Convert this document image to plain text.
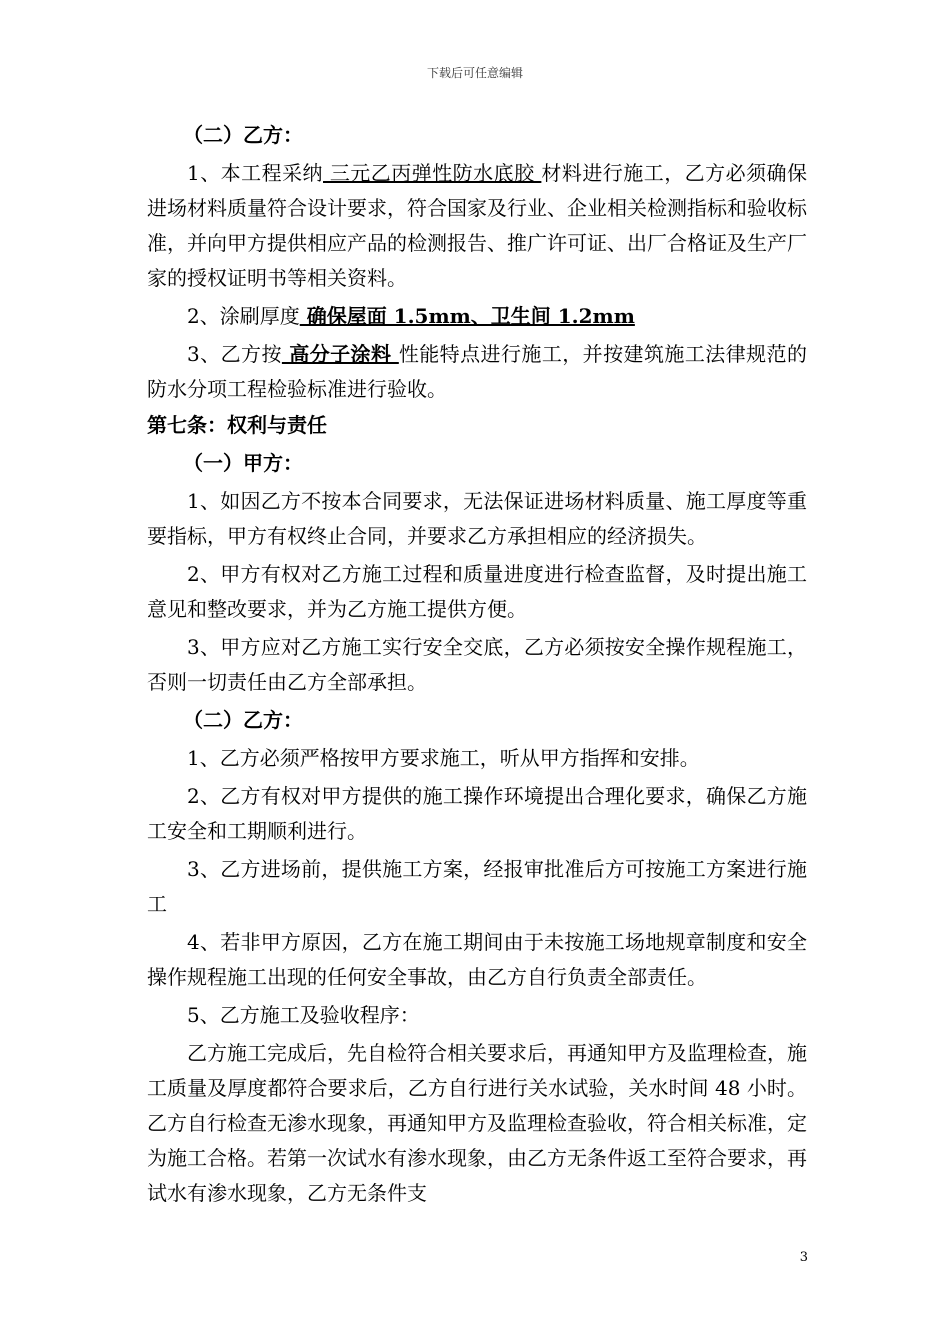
下载后可任意编辑
（二）乙方：
1、本工程采纳 三元乙丙弹性防水底胶 材料进行施工，乙方必须确保进场材料质量符合设计要求，符合国家及行业、企业相关检测指标和验收标准，并向甲方提供相应产品的检测报告、推广许可证、出厂合格证及生产厂家的授权证明书等相关资料。
2、涂刷厚度 确保屋面 1.5mm、卫生间 1.2mm
3、乙方按 高分子涂料 性能特点进行施工，并按建筑施工法律规范的防水分项工程检验标准进行验收。
第七条：权利与责任
（一）甲方：
1、如因乙方不按本合同要求，无法保证进场材料质量、施工厚度等重要指标，甲方有权终止合同，并要求乙方承担相应的经济损失。
2、甲方有权对乙方施工过程和质量进度进行检查监督，及时提出施工意见和整改要求，并为乙方施工提供方便。
3、甲方应对乙方施工实行安全交底，乙方必须按安全操作规程施工，否则一切责任由乙方全部承担。
（二）乙方：
1、乙方必须严格按甲方要求施工，听从甲方指挥和安排。
2、乙方有权对甲方提供的施工操作环境提出合理化要求，确保乙方施工安全和工期顺利进行。
3、乙方进场前，提供施工方案，经报审批准后方可按施工方案进行施工
4、若非甲方原因，乙方在施工期间由于未按施工场地规章制度和安全操作规程施工出现的任何安全事故，由乙方自行负责全部责任。
5、乙方施工及验收程序：
乙方施工完成后，先自检符合相关要求后，再通知甲方及监理检查，施工质量及厚度都符合要求后，乙方自行进行关水试验，关水时间 48 小时。乙方自行检查无渗水现象，再通知甲方及监理检查验收，符合相关标准，定为施工合格。若第一次试水有渗水现象，由乙方无条件返工至符合要求，再试水有渗水现象，乙方无条件支
3
